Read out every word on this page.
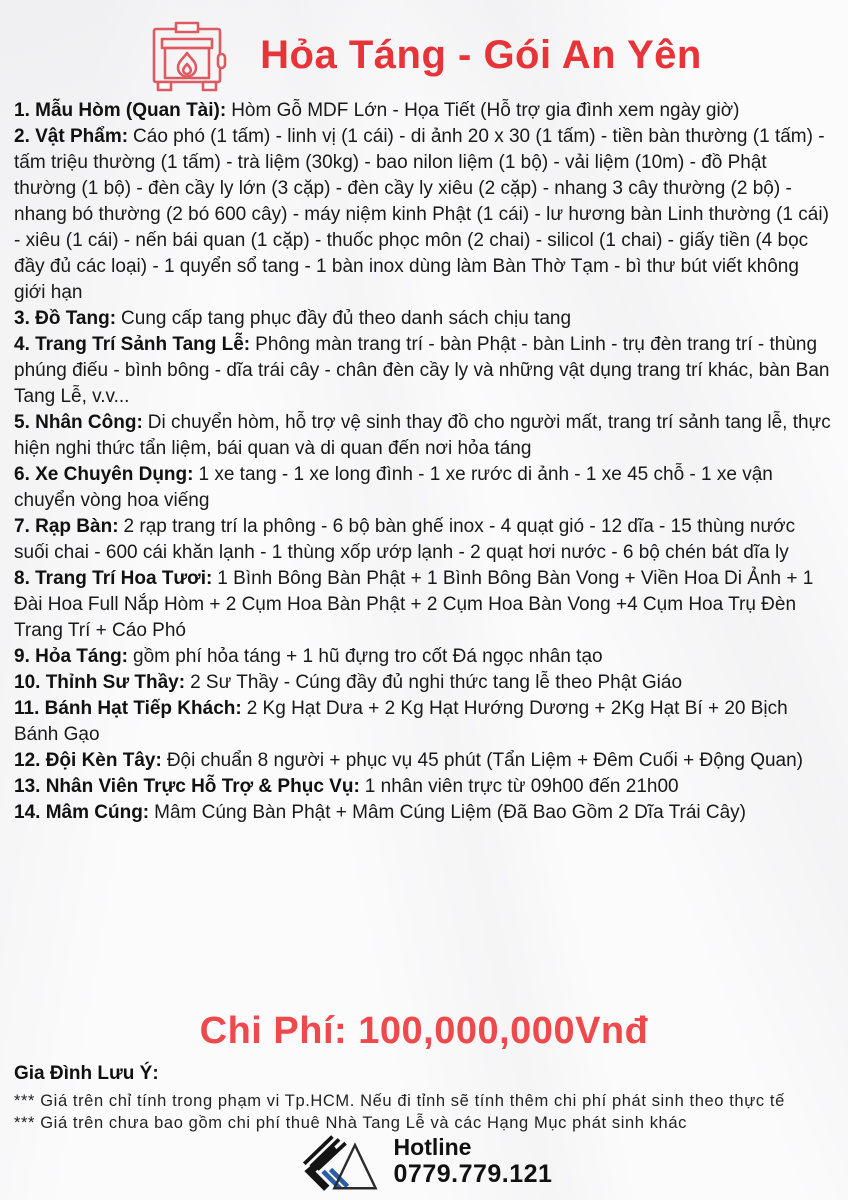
Hỏa Táng - Gói An Yên

1. Mẫu Hòm (Quan Tài): Hòm Gỗ MDF Lớn - Họa Tiết (Hỗ trợ gia đình xem ngày giờ)

2. Vật Phẩm: Cáo phó (1 tấm) - linh vị (1 cái) - di ảnh 20 x 30 (1 tấm) - tiền bàn thường (1 tấm) - tấm triệu thường (1 tấm) - trà liệm (30kg) - bao nilon liệm (1 bộ) - vải liệm (10m) - đồ Phật thường (1 bộ) - đèn cầy ly lớn (3 cặp) - đèn cầy ly xiêu (2 cặp) - nhang 3 cây thường (2 bộ) - nhang bó thường (2 bó 600 cây) - máy niệm kinh Phật (1 cái) - lư hương bàn Linh thường (1 cái) - xiêu (1 cái) - nến bái quan (1 cặp) - thuốc phọc môn (2 chai) - silicol (1 chai) - giấy tiền (4 bọc đầy đủ các loại) - 1 quyển sổ tang - 1 bàn inox dùng làm Bàn Thờ Tạm - bì thư bút viết không giới hạn

3. Đồ Tang: Cung cấp tang phục đầy đủ theo danh sách chịu tang

4. Trang Trí Sảnh Tang Lễ: Phông màn trang trí - bàn Phật - bàn Linh - trụ đèn trang trí - thùng phúng điếu - bình bông - dĩa trái cây - chân đèn cầy ly và những vật dụng trang trí khác, bàn Ban Tang Lễ, v.v...

5. Nhân Công: Di chuyển hòm, hỗ trợ vệ sinh thay đồ cho người mất, trang trí sảnh tang lễ, thực hiện nghi thức tẩn liệm, bái quan và di quan đến nơi hỏa táng

6. Xe Chuyên Dụng: 1 xe tang - 1 xe long đình - 1 xe rước di ảnh - 1 xe 45 chỗ - 1 xe vận chuyển vòng hoa viếng

7. Rạp Bàn: 2 rạp trang trí la phông - 6 bộ bàn ghế inox - 4 quạt gió - 12 dĩa - 15 thùng nước suối chai - 600 cái khăn lạnh - 1 thùng xốp ướp lạnh - 2 quạt hơi nước - 6 bộ chén bát dĩa ly

8. Trang Trí Hoa Tươi: 1 Bình Bông Bàn Phật + 1 Bình Bông Bàn Vong + Viền Hoa Di Ảnh + 1 Đài Hoa Full Nắp Hòm + 2 Cụm Hoa Bàn Phật + 2 Cụm Hoa Bàn Vong +4 Cụm Hoa Trụ Đèn Trang Trí + Cáo Phó

9. Hỏa Táng: gồm phí hỏa táng + 1 hũ đựng tro cốt Đá ngọc nhân tạo

10. Thỉnh Sư Thầy: 2 Sư Thầy - Cúng đầy đủ nghi thức tang lễ theo Phật Giáo

11. Bánh Hạt Tiếp Khách: 2 Kg Hạt Dưa + 2 Kg Hạt Hướng Dương + 2Kg Hạt Bí + 20 Bịch Bánh Gạo

12. Đội Kèn Tây: Đội chuẩn 8 người + phục vụ 45 phút (Tẩn Liệm + Đêm Cuối + Động Quan)

13. Nhân Viên Trực Hỗ Trợ & Phục Vụ: 1 nhân viên trực từ 09h00 đến 21h00

14. Mâm Cúng: Mâm Cúng Bàn Phật + Mâm Cúng Liệm (Đã Bao Gồm 2 Dĩa Trái Cây)

Chi Phí: 100,000,000Vnđ
Gia Đình Lưu Ý:
*** Giá trên chỉ tính trong phạm vi Tp.HCM. Nếu đi tỉnh sẽ tính thêm chi phí phát sinh theo thực tế
*** Giá trên chưa bao gồm chi phí thuê Nhà Tang Lễ và các Hạng Mục phát sinh khác
Hotline
0779.779.121
